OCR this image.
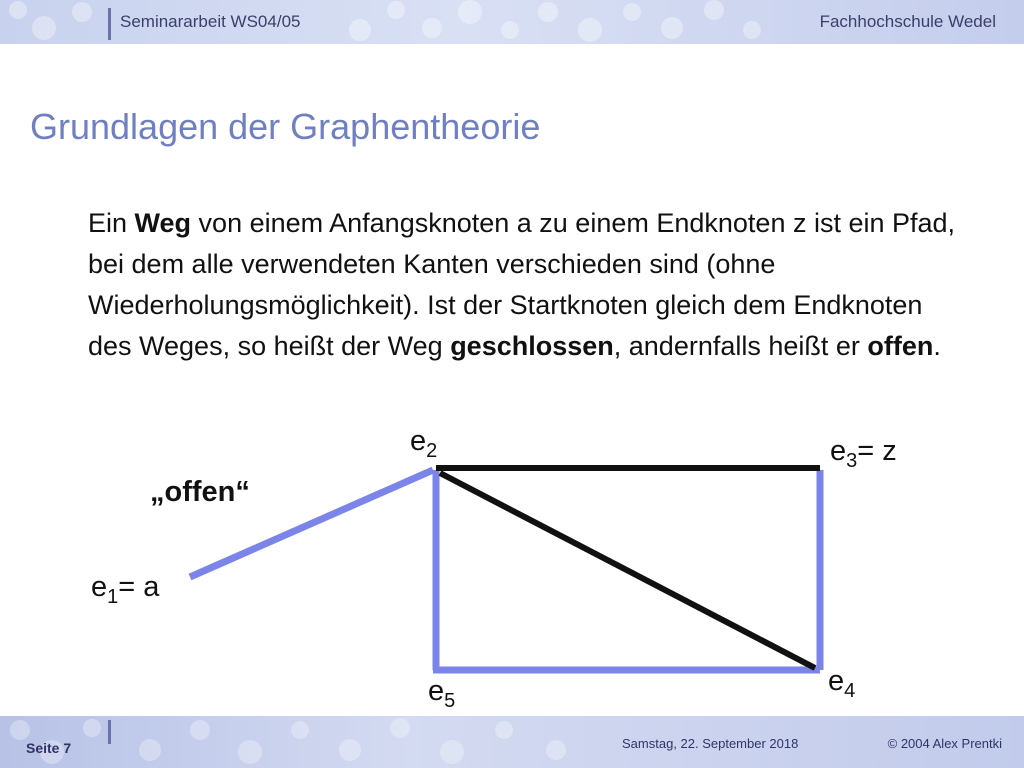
Seminararbeit WS04/05	Fachhochschule Wedel
Grundlagen der Graphentheorie
Ein Weg von einem Anfangsknoten a zu einem Endknoten z ist ein Pfad, bei dem alle verwendeten Kanten verschieden sind (ohne Wiederholungsmöglichkeit). Ist der Startknoten gleich dem Endknoten des Weges, so heißt der Weg geschlossen, andernfalls heißt er offen.
„offen“
$e_1= a$
$e_2$	$e_3= z$
$e_4$
$e_5$
Seite 7	Samstag, 22. September 2018	© 2004 Alex Prentki
